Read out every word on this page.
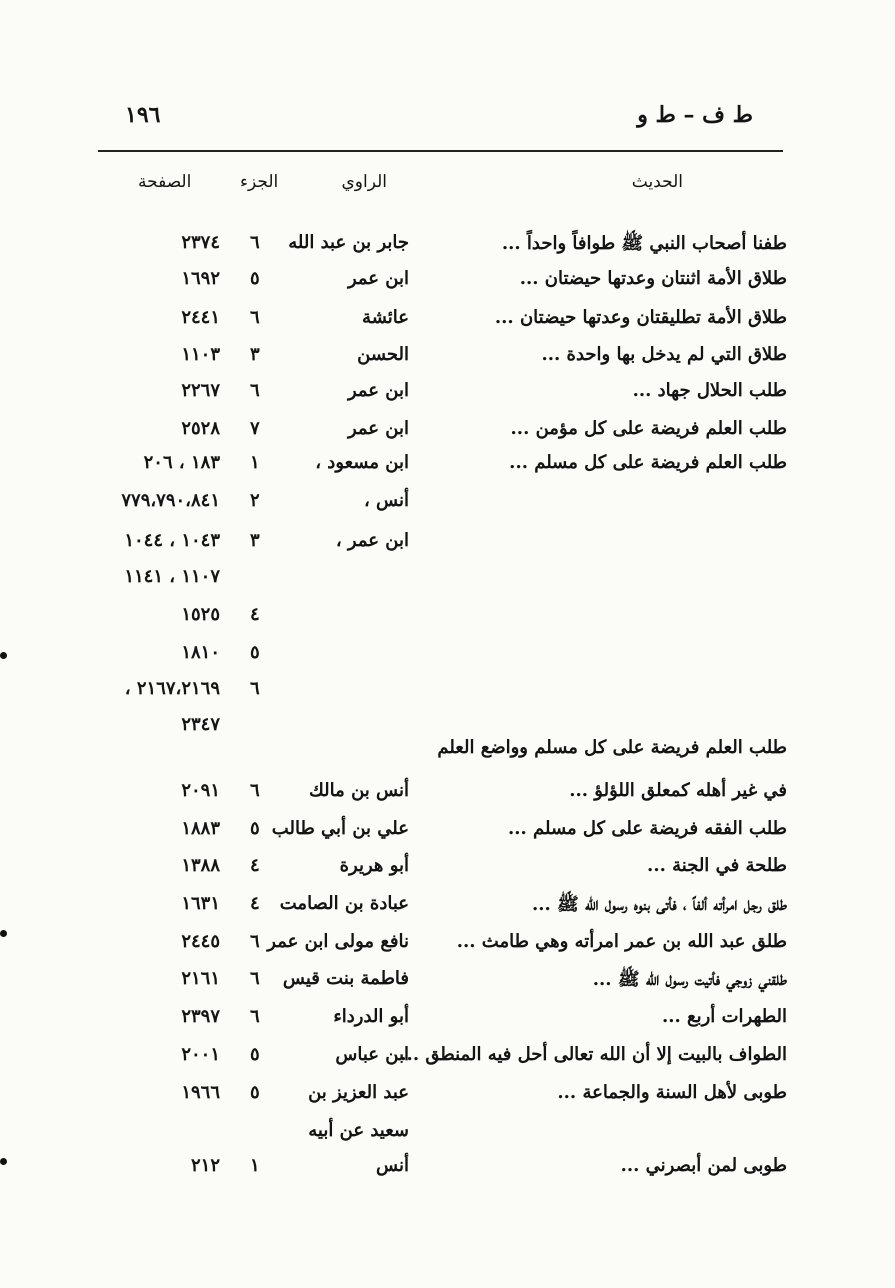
١٩٦	ط ف – ط و
الحديث
الراوي
الجزء
الصفحة
طفنا أصحاب النبي ﷺ طوافاً واحداً ...
جابر بن عبد الله
٦
٢٣٧٤
طلاق الأمة اثنتان وعدتها حيضتان ...
ابن عمر
٥
١٦٩٢
طلاق الأمة تطليقتان وعدتها حيضتان ...
عائشة
٦
٢٤٤١
طلاق التي لم يدخل بها واحدة ...
الحسن
٣
١١٠٣
طلب الحلال جهاد ...
ابن عمر
٦
٢٢٦٧
طلب العلم فريضة على كل مؤمن ...
ابن عمر
٧
٢٥٢٨
طلب العلم فريضة على كل مسلم ...
ابن مسعود ،
١
١٨٣ ، ٢٠٦
أنس ،
٢
٧٧٩،٧٩٠،٨٤١
ابن عمر ،
٣
١٠٤٣ ، ١٠٤٤
١١٠٧ ، ١١٤١
٤
١٥٢٥
٥
١٨١٠
٦
٢١٦٧،٢١٦٩ ،
٢٣٤٧
طلب العلم فريضة على كل مسلم وواضع العلم
في غير أهله كمعلق اللؤلؤ ...
أنس بن مالك
٦
٢٠٩١
طلب الفقه فريضة على كل مسلم ...
علي بن أبي طالب
٥
١٨٨٣
طلحة في الجنة ...
أبو هريرة
٤
١٣٨٨
طلق رجل امرأته ألفاً ، فأتى بنوه رسول الله ﷺ ...
عبادة بن الصامت
٤
١٦٣١
طلق عبد الله بن عمر امرأته وهي طامث ...
نافع مولى ابن عمر
٦
٢٤٤٥
طلقني زوجي فأتيت رسول الله ﷺ ...
فاطمة بنت قيس
٦
٢١٦١
الطهرات أربع ...
أبو الدرداء
٦
٢٣٩٧
الطواف بالبيت إلا أن الله تعالى أحل فيه المنطق ...
ابن عباس
٥
٢٠٠١
طوبى لأهل السنة والجماعة ...
عبد العزيز بن
٥
١٩٦٦
سعيد عن أبيه
طوبى لمن أبصرني ...
أنس
١
٢١٢
